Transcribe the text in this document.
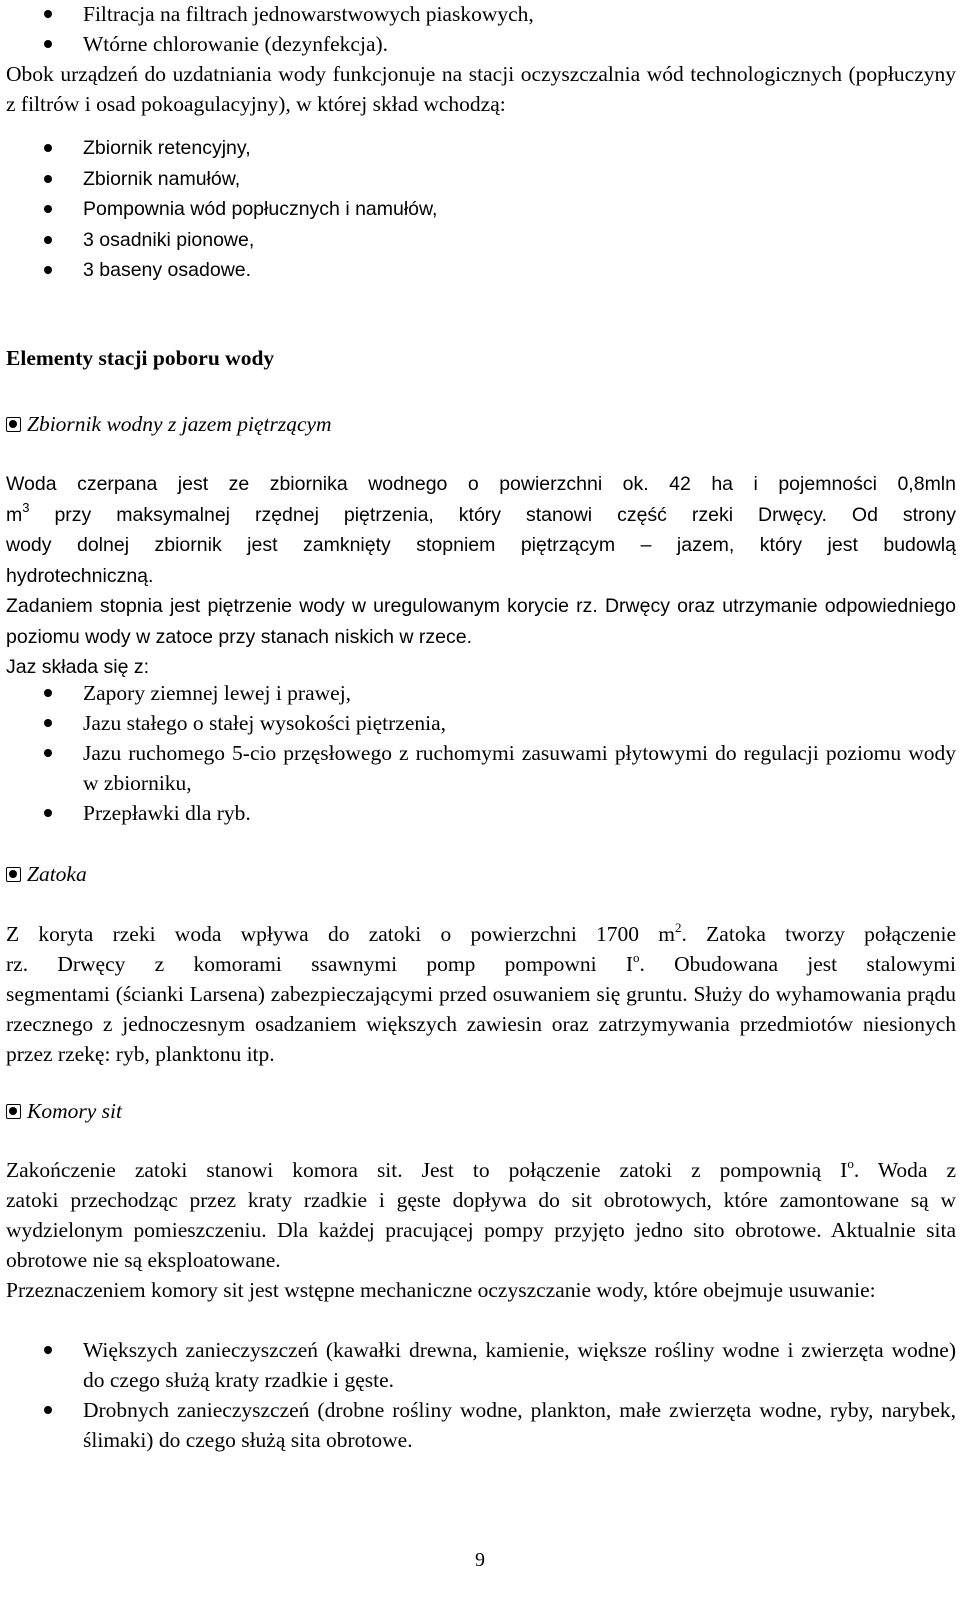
Filtracja na filtrach jednowarstwowych piaskowych,
Wtórne chlorowanie (dezynfekcja).
Obok urządzeń do uzdatniania wody funkcjonuje na stacji oczyszczalnia wód technologicznych (popłuczyny z filtrów i osad pokoagulacyjny), w której skład wchodzą:
Zbiornik retencyjny,
Zbiornik namułów,
Pompownia wód popłucznych i namułów,
3 osadniki pionowe,
3 baseny osadowe.
Elementy stacji poboru wody
Zbiornik wodny z jazem piętrzącym
Woda czerpana jest ze zbiornika wodnego o powierzchni ok. 42 ha i pojemności 0,8mln
$m^3$ przy maksymalnej rzędnej piętrzenia, który stanowi część rzeki Drwęcy. Od strony
wody dolnej zbiornik jest zamknięty stopniem piętrzącym – jazem, który jest budowlą
hydrotechniczną.
Zadaniem stopnia jest piętrzenie wody w uregulowanym korycie rz. Drwęcy oraz utrzymanie odpowiedniego poziomu wody w zatoce przy stanach niskich w rzece.
Jaz składa się z:
Zapory ziemnej lewej i prawej,
Jazu stałego o stałej wysokości piętrzenia,
Jazu ruchomego 5-cio przęsłowego z ruchomymi zasuwami płytowymi do regulacji poziomu wody w zbiorniku,
Przepławki dla ryb.
Zatoka
Z koryta rzeki woda wpływa do zatoki o powierzchni 1700 $m^2$. Zatoka tworzy połączenie
rz. Drwęcy z komorami ssawnymi pomp pompowni $I^o$. Obudowana jest stalowymi
segmentami (ścianki Larsena) zabezpieczającymi przed osuwaniem się gruntu. Służy do wyhamowania prądu rzecznego z jednoczesnym osadzaniem większych zawiesin oraz zatrzymywania przedmiotów niesionych przez rzekę: ryb, planktonu itp.
Komory sit
Zakończenie zatoki stanowi komora sit. Jest to połączenie zatoki z pompownią $I^o$. Woda z
zatoki przechodząc przez kraty rzadkie i gęste dopływa do sit obrotowych, które zamontowane są w wydzielonym pomieszczeniu. Dla każdej pracującej pompy przyjęto jedno sito obrotowe. Aktualnie sita obrotowe nie są eksploatowane.
Przeznaczeniem komory sit jest wstępne mechaniczne oczyszczanie wody, które obejmuje usuwanie:
Większych zanieczyszczeń (kawałki drewna, kamienie, większe rośliny wodne i zwierzęta wodne) do czego służą kraty rzadkie i gęste.
Drobnych zanieczyszczeń (drobne rośliny wodne, plankton, małe zwierzęta wodne, ryby, narybek, ślimaki) do czego służą sita obrotowe.
9
